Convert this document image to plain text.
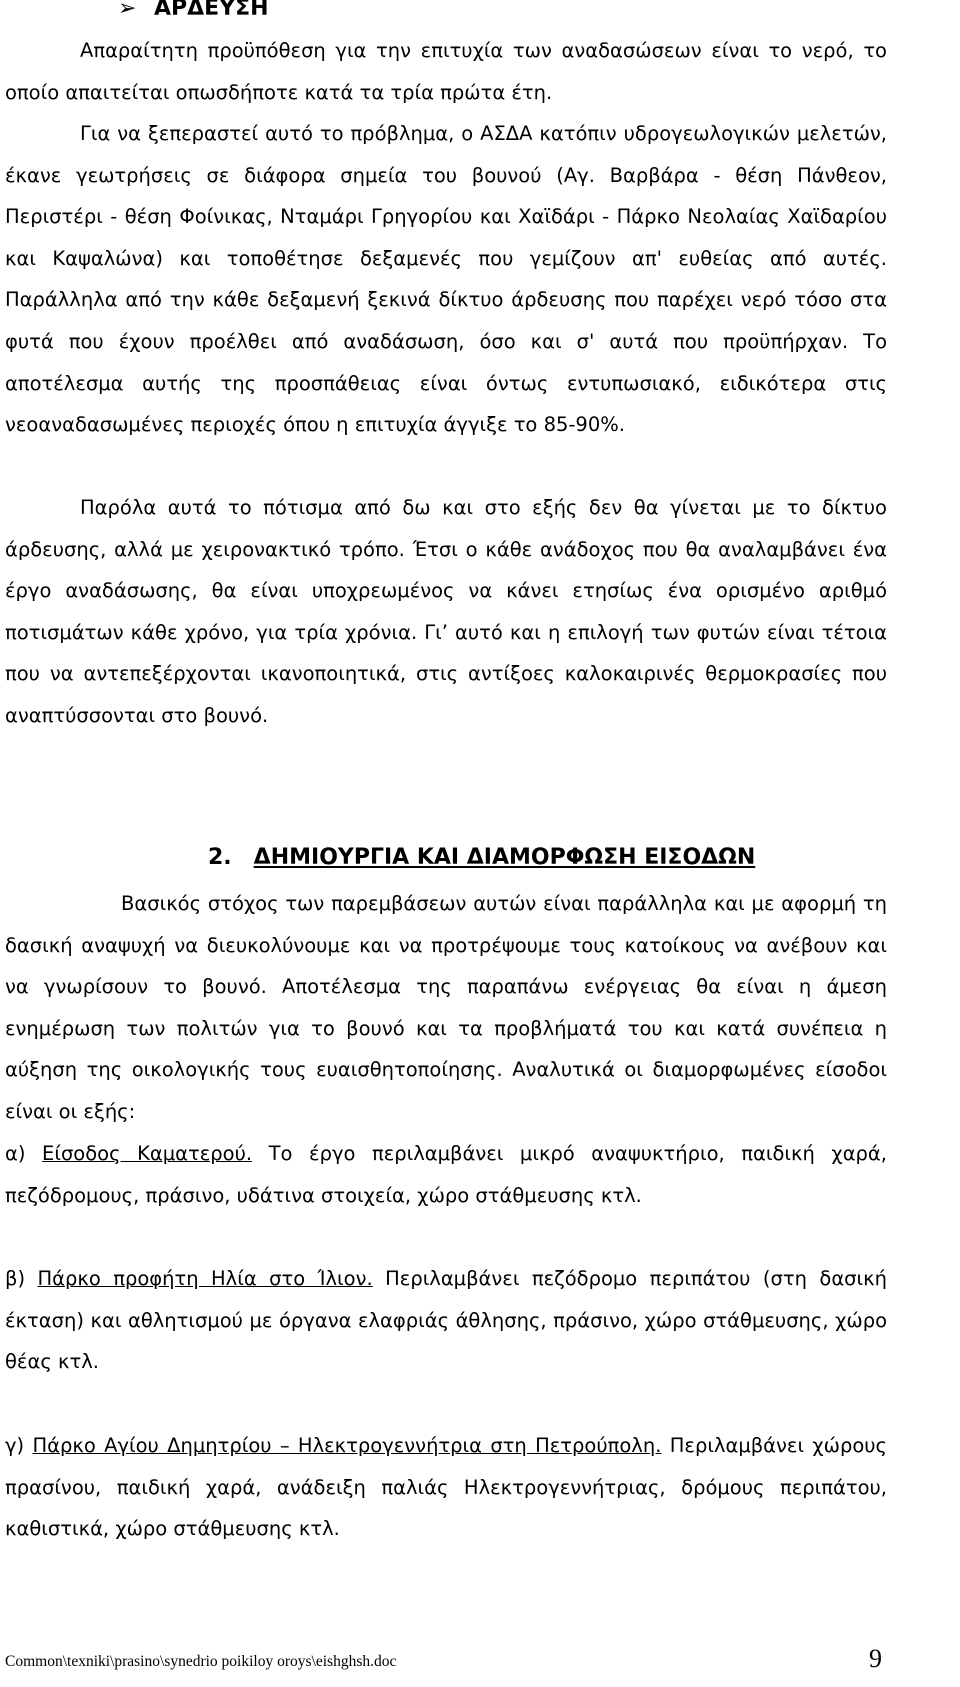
➢ ΑΡΔΕΥΣΗ

Απαραίτητη προϋπόθεση για την επιτυχία των αναδασώσεων είναι το νερό, το οποίο απαιτείται οπωσδήποτε κατά τα τρία πρώτα έτη.

Για να ξεπεραστεί αυτό το πρόβλημα, ο ΑΣΔΑ κατόπιν υδρογεωλογικών μελετών, έκανε γεωτρήσεις σε διάφορα σημεία του βουνού (Αγ. Βαρβάρα - θέση Πάνθεον, Περιστέρι - θέση Φοίνικας, Νταμάρι Γρηγορίου και Χαϊδάρι - Πάρκο Νεολαίας Χαϊδαρίου και Καψαλώνα) και τοποθέτησε δεξαμενές που γεμίζουν απ' ευθείας από αυτές. Παράλληλα από την κάθε δεξαμενή ξεκινά δίκτυο άρδευσης που παρέχει νερό τόσο στα φυτά που έχουν προέλθει από αναδάσωση, όσο και σ' αυτά που προϋπήρχαν. Το αποτέλεσμα αυτής της προσπάθειας είναι όντως εντυπωσιακό, ειδικότερα στις νεοαναδασωμένες περιοχές όπου η επιτυχία άγγιξε το 85-90%.

Παρόλα αυτά το πότισμα από δω και στο εξής δεν θα γίνεται με το δίκτυο άρδευσης, αλλά με χειρονακτικό τρόπο. Έτσι ο κάθε ανάδοχος που θα αναλαμβάνει ένα έργο αναδάσωσης, θα είναι υποχρεωμένος να κάνει ετησίως ένα ορισμένο αριθμό ποτισμάτων κάθε χρόνο, για τρία χρόνια. Γι’ αυτό και η επιλογή των φυτών είναι τέτοια που να αντεπεξέρχονται ικανοποιητικά, στις αντίξοες καλοκαιρινές θερμοκρασίες που αναπτύσσονται στο βουνό.

2. ΔΗΜΙΟΥΡΓΙΑ ΚΑΙ ΔΙΑΜΟΡΦΩΣΗ ΕΙΣΟΔΩΝ

Βασικός στόχος των παρεμβάσεων αυτών είναι παράλληλα και με αφορμή τη δασική αναψυχή να διευκολύνουμε και να προτρέψουμε τους κατοίκους να ανέβουν και να γνωρίσουν το βουνό. Αποτέλεσμα της παραπάνω ενέργειας θα είναι η άμεση ενημέρωση των πολιτών για το βουνό και τα προβλήματά του και κατά συνέπεια η αύξηση της οικολογικής τους ευαισθητοποίησης. Αναλυτικά οι διαμορφωμένες είσοδοι είναι οι εξής:

α) Είσοδος Καματερού. Το έργο περιλαμβάνει μικρό αναψυκτήριο, παιδική χαρά, πεζόδρομους, πράσινο, υδάτινα στοιχεία, χώρο στάθμευσης κτλ.

β) Πάρκο προφήτη Ηλία στο Ίλιον. Περιλαμβάνει πεζόδρομο περιπάτου (στη δασική έκταση) και αθλητισμού με όργανα ελαφριάς άθλησης, πράσινο, χώρο στάθμευσης, χώρο θέας κτλ.

γ) Πάρκο Αγίου Δημητρίου – Ηλεκτρογεννήτρια στη Πετρούπολη. Περιλαμβάνει χώρους πρασίνου, παιδική χαρά, ανάδειξη παλιάς Ηλεκτρογεννήτριας, δρόμους περιπάτου, καθιστικά, χώρο στάθμευσης κτλ.

Common\texniki\prasino\synedrio poikiloy oroys\eishghsh.doc	9
